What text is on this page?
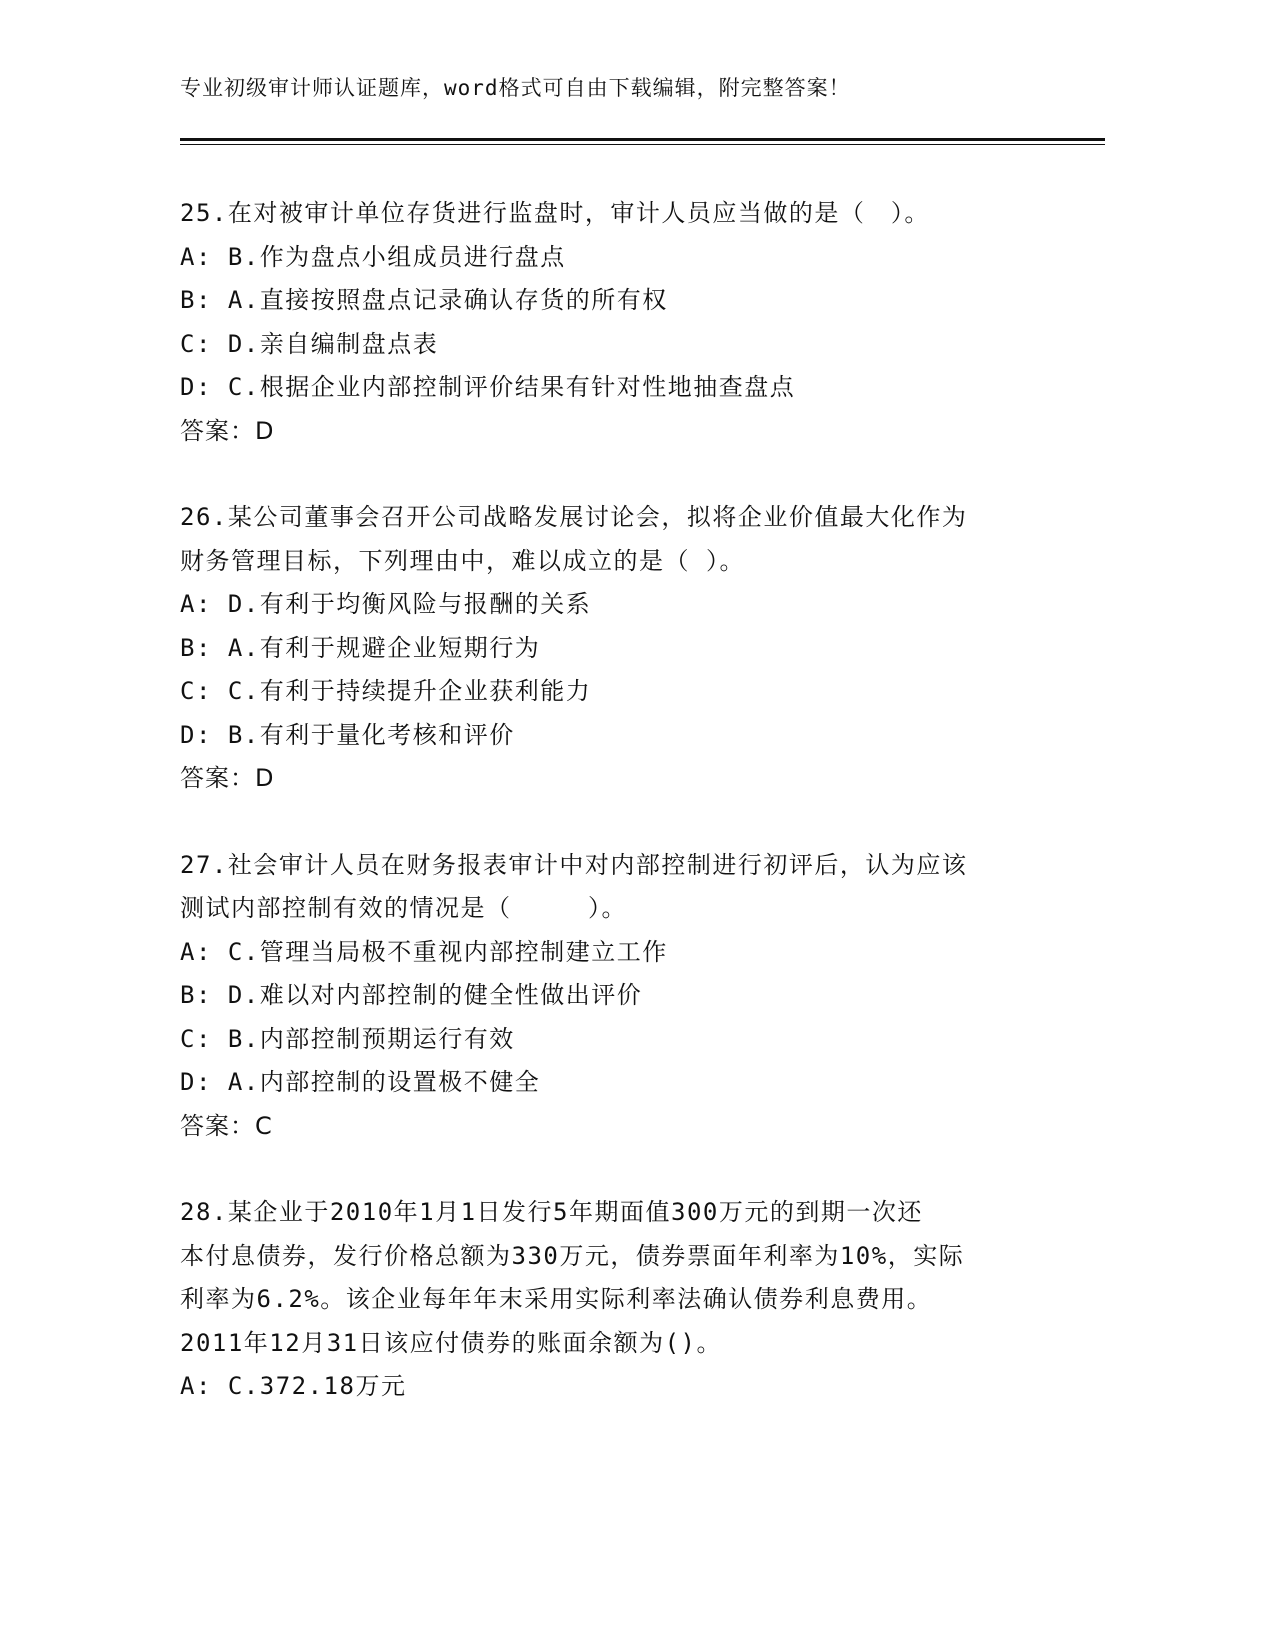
专业初级审计师认证题库，word格式可自由下载编辑，附完整答案！
25.在对被审计单位存货进行监盘时，审计人员应当做的是（　）。
A: B.作为盘点小组成员进行盘点
B: A.直接按照盘点记录确认存货的所有权
C: D.亲自编制盘点表
D: C.根据企业内部控制评价结果有针对性地抽查盘点
答案：D
26.某公司董事会召开公司战略发展讨论会，拟将企业价值最大化作为
财务管理目标，下列理由中，难以成立的是（ ）。
A: D.有利于均衡风险与报酬的关系
B: A.有利于规避企业短期行为
C: C.有利于持续提升企业获利能力
D: B.有利于量化考核和评价
答案：D
27.社会审计人员在财务报表审计中对内部控制进行初评后，认为应该
测试内部控制有效的情况是（　　　）。
A: C.管理当局极不重视内部控制建立工作
B: D.难以对内部控制的健全性做出评价
C: B.内部控制预期运行有效
D: A.内部控制的设置极不健全
答案：C
28.某企业于2010年1月1日发行5年期面值300万元的到期一次还
本付息债券，发行价格总额为330万元，债券票面年利率为10%，实际
利率为6.2%。该企业每年年末采用实际利率法确认债券利息费用。
2011年12月31日该应付债券的账面余额为()。
A: C.372.18万元
